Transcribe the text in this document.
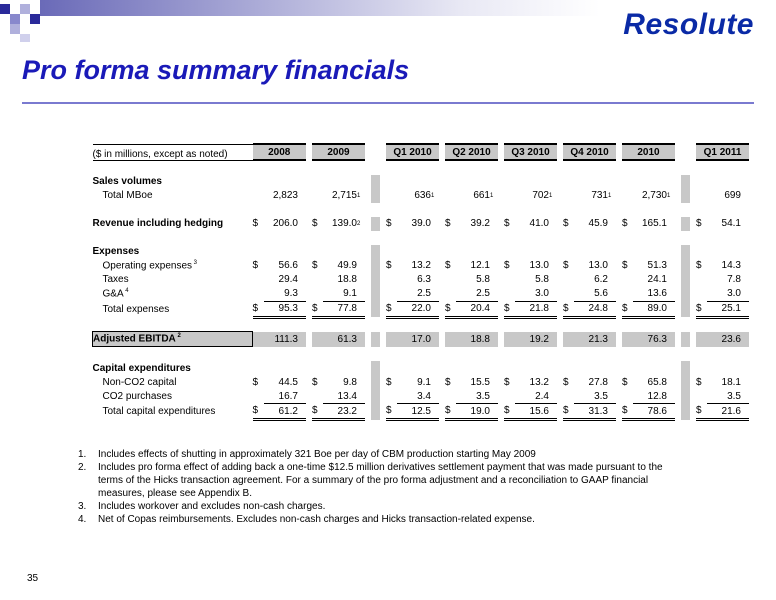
Resolute
Pro forma summary financials
($ in millions, except as noted)	2008				2009						Q1 2010				Q2 2010				Q3 2010				Q4 2010				2010						Q1 2011		

Sales volumes																																			
Total MBoe		2,823				2,715	1					636	1			661	1			702	1			731	1			2,730	1					699	

Revenue including hedging	$	206.0			$	139.0	2				$	39.0			$	39.2			$	41.0			$	45.9			$	165.1					$	54.1	

Expenses																																			
Operating expenses $^3$	$	56.6			$	49.9					$	13.2			$	12.1			$	13.0			$	13.0			$	51.3					$	14.3	
Taxes		29.4				18.8						6.3				5.8				5.8				6.2				24.1						7.8	
G&A $^4$		9.3				9.1						2.5				2.5				3.0				5.6				13.6						3.0	
Total expenses	$	95.3			$	77.8					$	22.0			$	20.4			$	21.8			$	24.8			$	89.0					$	25.1	

Adjusted EBITDA $^2$		111.3				61.3						17.0				18.8				19.2				21.3				76.3						23.6	

Capital expenditures																																			
Non-CO2 capital	$	44.5			$	9.8					$	9.1			$	15.5			$	13.2			$	27.8			$	65.8					$	18.1	
CO2 purchases		16.7				13.4						3.4				3.5				2.4				3.5				12.8						3.5	
Total capital expenditures	$	61.2			$	23.2					$	12.5			$	19.0			$	15.6			$	31.3			$	78.6					$	21.6	
1. Includes effects of shutting in approximately 321 Boe per day of CBM production starting May 2009
2. Includes pro forma effect of adding back a one-time $12.5 million derivatives settlement payment that was made pursuant to the terms of the Hicks transaction agreement. For a summary of the pro forma adjustment and a reconciliation to GAAP financial measures, please see Appendix B.
3. Includes workover and excludes non-cash charges.
4. Net of Copas reimbursements. Excludes non-cash charges and Hicks transaction-related expense.
35
